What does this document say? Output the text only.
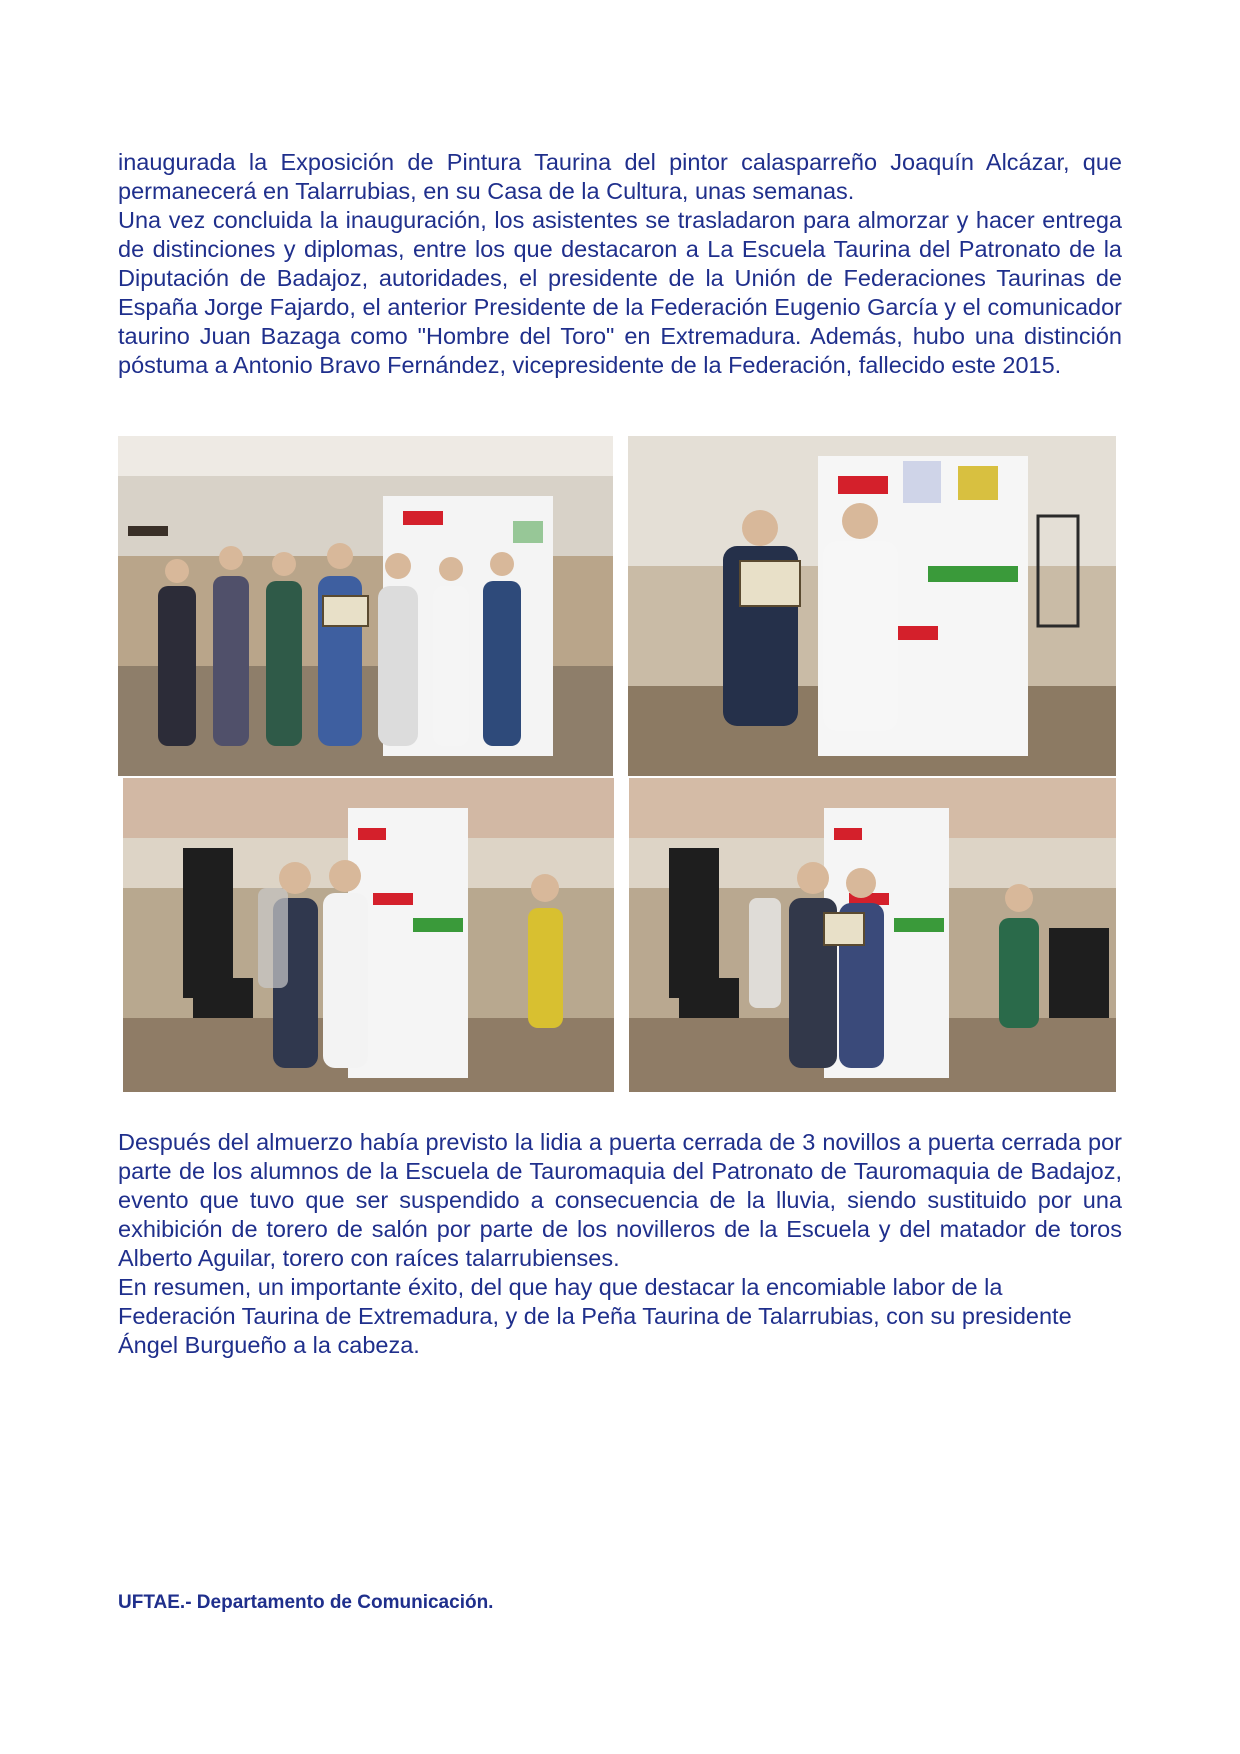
inaugurada la Exposición de Pintura Taurina del pintor calasparreño Joaquín Alcázar, que permanecerá en Talarrubias, en su Casa de la Cultura, unas semanas.

Una vez concluida la inauguración, los asistentes se trasladaron para almorzar y hacer entrega de distinciones y diplomas, entre los que destacaron a La Escuela Taurina del Patronato de la Diputación de Badajoz, autoridades, el presidente de la Unión de Federaciones Taurinas de España Jorge Fajardo, el anterior Presidente de la Federación Eugenio García y el comunicador taurino Juan Bazaga como "Hombre del Toro" en Extremadura. Además, hubo una distinción póstuma a Antonio Bravo Fernández, vicepresidente de la Federación, fallecido este 2015.

Después del almuerzo había previsto la lidia a puerta cerrada de 3 novillos a puerta cerrada por parte de los alumnos de la Escuela de Tauromaquia del Patronato de Tauromaquia de Badajoz, evento que tuvo que ser suspendido a consecuencia de la lluvia, siendo sustituido por una exhibición de torero de salón por parte de los novilleros de la Escuela y del matador de toros Alberto Aguilar, torero con raíces talarrubienses.

En resumen, un importante éxito, del que hay que destacar la encomiable labor de la Federación Taurina de Extremadura, y de la Peña Taurina de Talarrubias, con su presidente Ángel Burgueño a la cabeza.

UFTAE.- Departamento de Comunicación.
